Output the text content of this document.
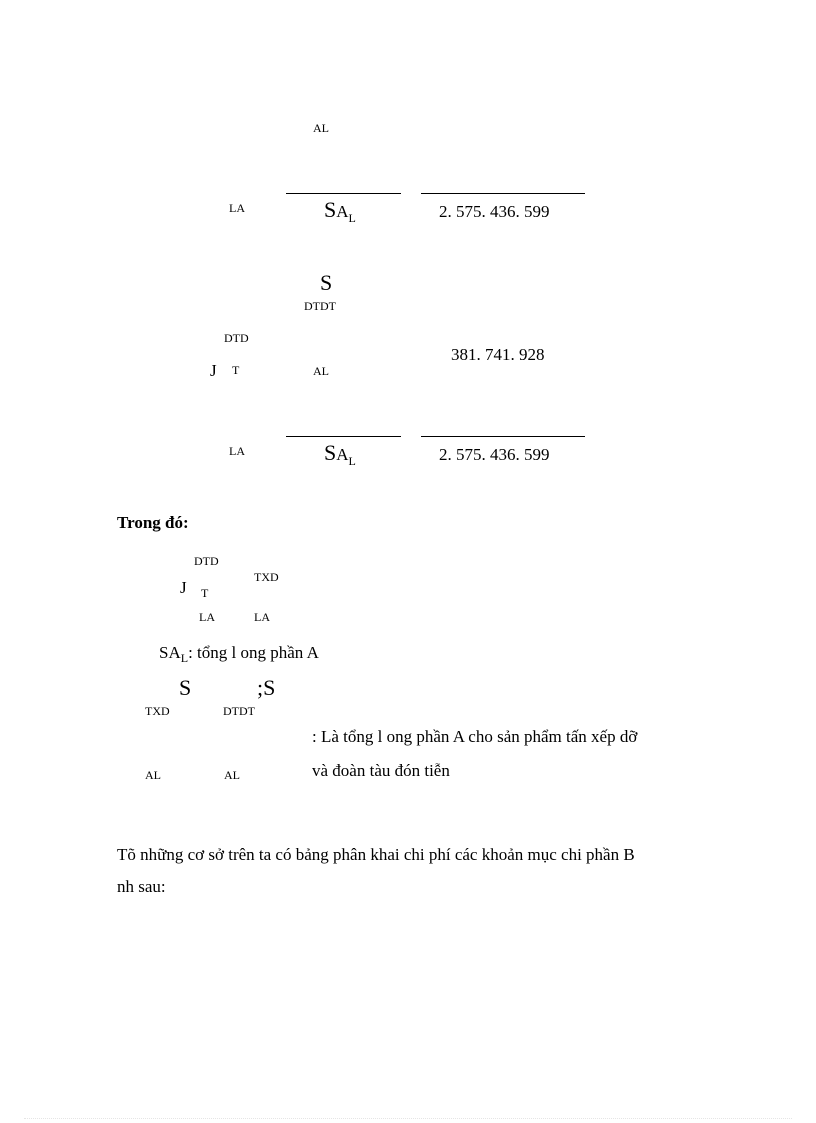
AL
LA	$SA_L$	2. 575. 436. 599
S
DTDT
DTD
J T	AL
381. 741. 928
LA	$SA_L$	2. 575. 436. 599
Trong đó:
DTD
TXD
J T
LA	LA
$SA_L$: tổng l ong phần A
S	;S
TXD	DTDT
: Là tổng l ong phần A cho sản phẩm tấn xếp dỡ
và đoàn tàu đón tiễn
AL	AL
Tõ những cơ sở trên ta có bảng phân khai chi phí các khoản mục chi phần B
nh sau:
